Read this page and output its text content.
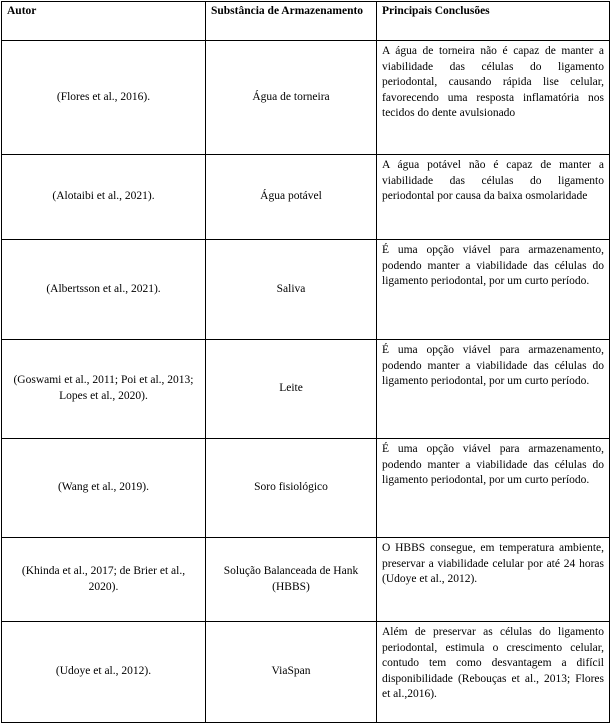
Autor	Substância de Armazenamento	Principais Conclusões
(Flores et al., 2016).	Água de torneira	A água de torneira não é capaz de manter a viabilidade das células do ligamento periodontal, causando rápida lise celular, favorecendo uma resposta inflamatória nos tecidos do dente avulsionado
(Alotaibi et al., 2021).	Água potável	A água potável não é capaz de manter a viabilidade das células do ligamento periodontal por causa da baixa osmolaridade
(Albertsson et al., 2021).	Saliva	É uma opção viável para armazenamento, podendo manter a viabilidade das células do ligamento periodontal, por um curto período.
(Goswami et al., 2011; Poi et al., 2013; Lopes et al., 2020).	Leite	É uma opção viável para armazenamento, podendo manter a viabilidade das células do ligamento periodontal, por um curto período.
(Wang et al., 2019).	Soro fisiológico	É uma opção viável para armazenamento, podendo manter a viabilidade das células do ligamento periodontal, por um curto período.
(Khinda et al., 2017; de Brier et al., 2020).	Solução Balanceada de Hank (HBBS)	O HBBS consegue, em temperatura ambiente, preservar a viabilidade celular por até 24 horas (Udoye et al., 2012).
(Udoye et al., 2012).	ViaSpan	Além de preservar as células do ligamento periodontal, estimula o crescimento celular, contudo tem como desvantagem a difícil disponibilidade (Rebouças et al., 2013; Flores et al.,2016).
